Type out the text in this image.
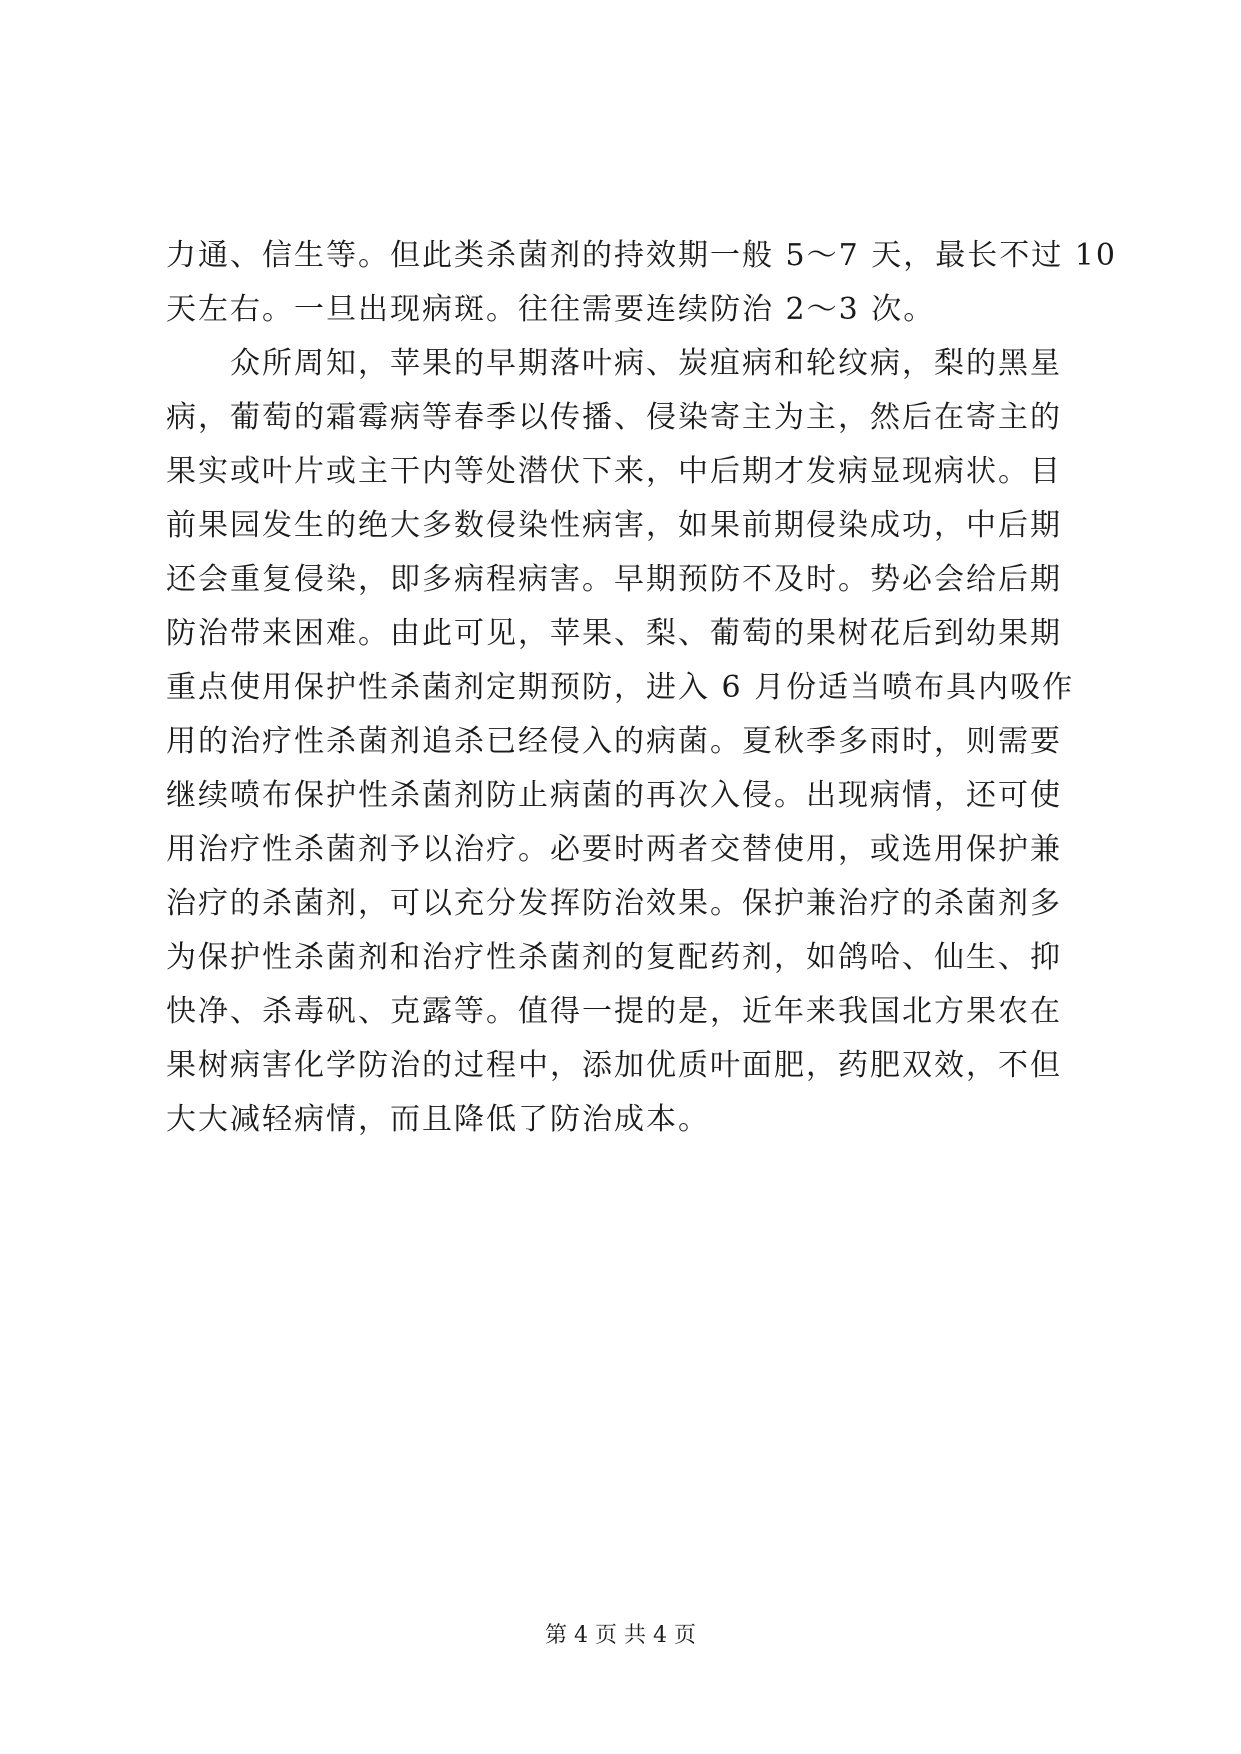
力通、信生等。但此类杀菌剂的持效期一般 5～7 天，最长不过 10
天左右。一旦出现病斑。往往需要连续防治 2～3 次。

众所周知，苹果的早期落叶病、炭疽病和轮纹病，梨的黑星
病，葡萄的霜霉病等春季以传播、侵染寄主为主，然后在寄主的
果实或叶片或主干内等处潜伏下来，中后期才发病显现病状。目
前果园发生的绝大多数侵染性病害，如果前期侵染成功，中后期
还会重复侵染，即多病程病害。早期预防不及时。势必会给后期
防治带来困难。由此可见，苹果、梨、葡萄的果树花后到幼果期
重点使用保护性杀菌剂定期预防，进入 6 月份适当喷布具内吸作
用的治疗性杀菌剂追杀已经侵入的病菌。夏秋季多雨时，则需要
继续喷布保护性杀菌剂防止病菌的再次入侵。出现病情，还可使
用治疗性杀菌剂予以治疗。必要时两者交替使用，或选用保护兼
治疗的杀菌剂，可以充分发挥防治效果。保护兼治疗的杀菌剂多
为保护性杀菌剂和治疗性杀菌剂的复配药剂，如鸽哈、仙生、抑
快净、杀毒矾、克露等。值得一提的是，近年来我国北方果农在
果树病害化学防治的过程中，添加优质叶面肥，药肥双效，不但
大大减轻病情，而且降低了防治成本。

第 4 页 共 4 页
